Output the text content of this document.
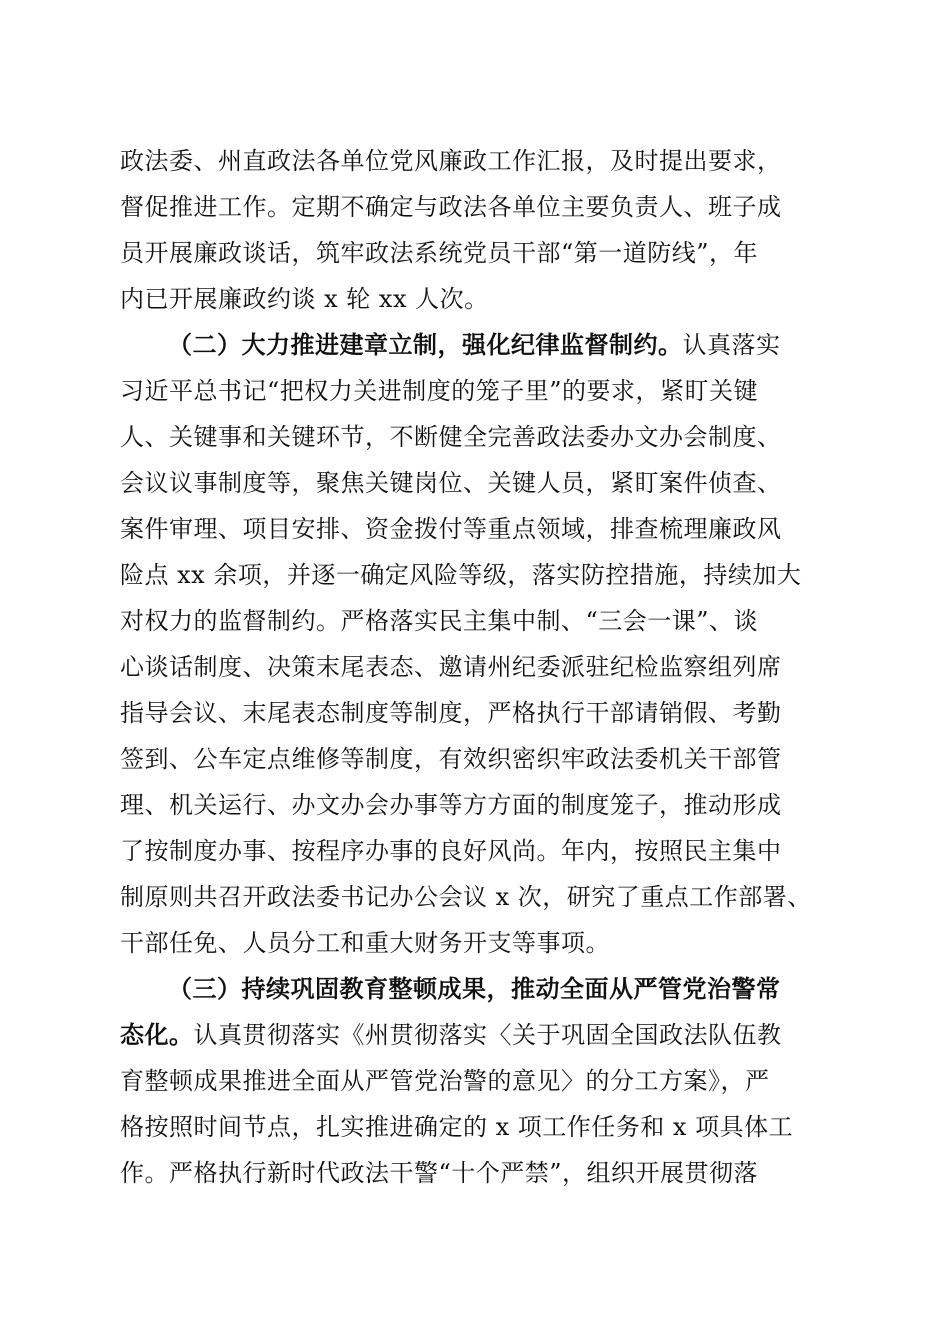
政法委、州直政法各单位党风廉政工作汇报，及时提出要求，
督促推进工作。定期不确定与政法各单位主要负责人、班子成
员开展廉政谈话，筑牢政法系统党员干部“第一道防线”，年
内已开展廉政约谈 x 轮 xx 人次。
（二）大力推进建章立制，强化纪律监督制约。认真落实
习近平总书记“把权力关进制度的笼子里”的要求，紧盯关键
人、关键事和关键环节，不断健全完善政法委办文办会制度、
会议议事制度等，聚焦关键岗位、关键人员，紧盯案件侦查、
案件审理、项目安排、资金拨付等重点领域，排查梳理廉政风
险点 xx 余项，并逐一确定风险等级，落实防控措施，持续加大
对权力的监督制约。严格落实民主集中制、“三会一课”、谈
心谈话制度、决策末尾表态、邀请州纪委派驻纪检监察组列席
指导会议、末尾表态制度等制度，严格执行干部请销假、考勤
签到、公车定点维修等制度，有效织密织牢政法委机关干部管
理、机关运行、办文办会办事等方方面的制度笼子，推动形成
了按制度办事、按程序办事的良好风尚。年内，按照民主集中
制原则共召开政法委书记办公会议 x 次，研究了重点工作部署、
干部任免、人员分工和重大财务开支等事项。
（三）持续巩固教育整顿成果，推动全面从严管党治警常
态化。认真贯彻落实《州贯彻落实〈关于巩固全国政法队伍教
育整顿成果推进全面从严管党治警的意见〉的分工方案》，严
格按照时间节点，扎实推进确定的 x 项工作任务和 x 项具体工
作。严格执行新时代政法干警“十个严禁”，组织开展贯彻落
